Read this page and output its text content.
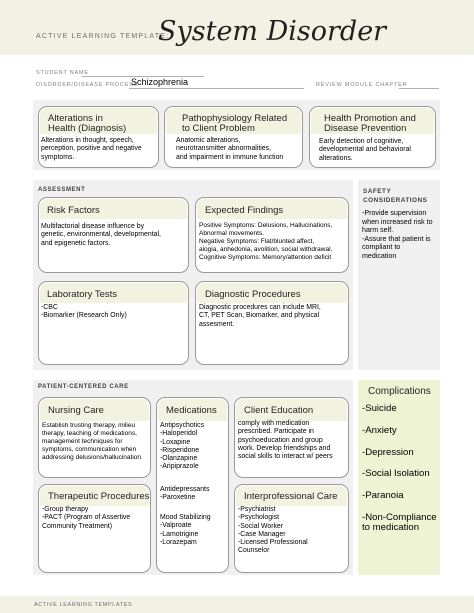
ACTIVE LEARNING TEMPLATE:
System Disorder
STUDENT NAME
DISORDER/DISEASE PROCESS
Schizophrenia	REVIEW MODULE CHAPTER
Alterations in
Health (Diagnosis)
Alterations in thought, speech,
perception, positive and negative
symptoms.
Pathophysiology Related
to Client Problem
Anatomic alterations,
neurotransmitter abnormalities,
and impairment in immune function
Health Promotion and
Disease Prevention
Early detection of cognitive,
developmental and behavioral
alterations.
ASSESSMENT
Risk Factors
Multifactorial disease influence by
genetic, environmental, developmental,
and epigenetic factors.
Expected Findings
Positive Symptoms: Delusions, Hallucinations,
Abnormal movements.
Negative Symptoms: Flat/blunted affect,
alogia, anhedonia, avolition, social withdrawal.
Cognitive Symptoms: Memory/attention deficit
Laboratory Tests
-CBC
-Biomarker (Research Only)
Diagnostic Procedures
Diagnostic procedures can include MRI,
CT, PET Scan, Biomarker, and physical
assesment.
SAFETY
CONSIDERATIONS
-Provide supervision
when increased risk to
harm self.
-Assure that patient is
compliant to
medication
PATIENT-CENTERED CARE
Nursing Care
Establish trusting therapy, milieu
therapy, teaching of medications,
management techniques for
symptoms, communication when
addressing delusions/hallucination
Medications
Antipsychotics
-Haloperidol
-Loxapine
-Risperidone
-Olanzapine
-Aripiprazole
Antidepressants
-Paroxetine
Mood Stabilizing
-Valproate
-Lamotrigine
-Lorazepam
Client Education
comply with medication
prescribed. Participate in
psychoeducation and group
work. Develop friendships and
social skills to interact w/ peers
Therapeutic Procedures
-Group therapy
-PACT (Program of Assertive
Community Treatment)
Interprofessional Care
-Psychiatrist
-Psychologist
-Social Worker
-Case Manager
-Licensed Professional
Counselor
Complications
-Suicide
-Anxiety
-Depression
-Social Isolation
-Paranoia
-Non-Compliance
to medication
ACTIVE LEARNING TEMPLATES
